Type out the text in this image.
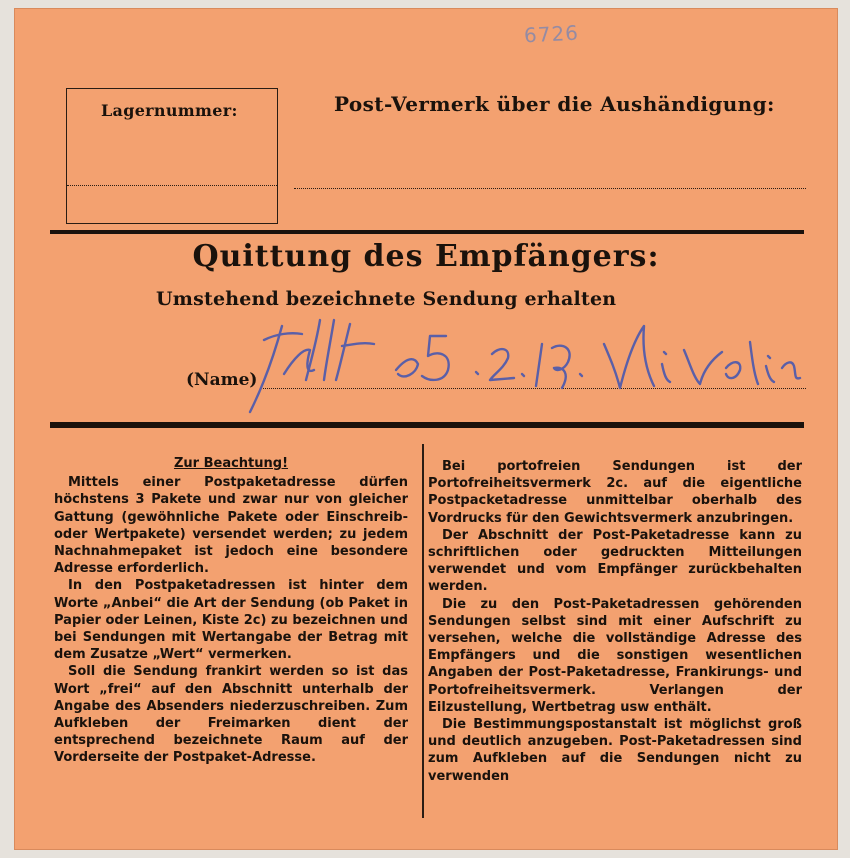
6726
Lagernummer:	Post-Vermerk über die Aushändigung:
Quittung des Empfängers:
Umstehend bezeichnete Sendung erhalten
(Name)
Zur Beachtung!

Mittels einer Postpaketadresse dürfen höchstens 3 Pakete und zwar nur von gleicher Gattung (gewöhnliche Pakete oder Einschreib- oder Wertpakete) versendet werden; zu jedem Nachnahmepaket ist jedoch eine besondere Adresse erforderlich.

In den Postpaketadressen ist hinter dem Worte „Anbei“ die Art der Sendung (ob Paket in Papier oder Leinen, Kiste 2c) zu bezeichnen und bei Sendungen mit Wertangabe der Betrag mit dem Zusatze „Wert“ vermerken.

Soll die Sendung frankirt werden so ist das Wort „frei“ auf den Abschnitt unterhalb der Angabe des Absenders niederzuschreiben. Zum Aufkleben der Freimarken dient der entsprechend bezeichnete Raum auf der Vorderseite der Postpaket-Adresse.

Bei portofreien Sendungen ist der Portofreiheitsvermerk 2c. auf die eigentliche Postpacketadresse unmittelbar oberhalb des Vordrucks für den Gewichtsvermerk anzubringen.

Der Abschnitt der Post-Paketadresse kann zu schriftlichen oder gedruckten Mitteilungen verwendet und vom Empfänger zurückbehalten werden.

Die zu den Post-Paketadressen gehörenden Sendungen selbst sind mit einer Aufschrift zu versehen, welche die vollständige Adresse des Empfängers und die sonstigen wesentlichen Angaben der Post-Paketadresse, Frankirungs- und Portofreiheitsvermerk. Verlangen der Eilzustellung, Wertbetrag usw enthält.

Die Bestimmungspostanstalt ist möglichst groß und deutlich anzugeben. Post-Paketadressen sind zum Aufkleben auf die Sendungen nicht zu verwenden
